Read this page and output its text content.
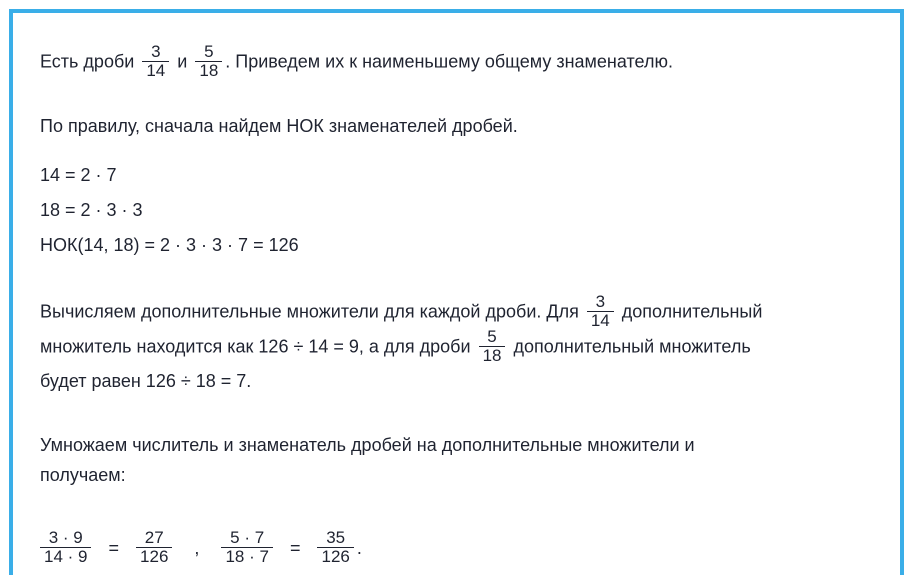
Есть дроби $\frac{3}{14}$ и $\frac{5}{18}$ . Приведем их к наименьшему общему знаменателю.
По правилу, сначала найдем НОК знаменателей дробей.
14 = 2 · 7
18 = 2 · 3 · 3
НОК(14, 18) = 2 · 3 · 3 · 7 = 126
Вычисляем дополнительные множители для каждой дроби. Для $\frac{3}{14}$ дополнительный
множитель находится как 126 ÷ 14 = 9, а для дроби $\frac{5}{18}$ дополнительный множитель
будет равен 126 ÷ 18 = 7.
Умножаем числитель и знаменатель дробей на дополнительные множители и
получаем:
$\frac{3 \cdot 9}{14 \cdot 9} = \frac{27}{126}$ , $\frac{5 \cdot 7}{18 \cdot 7} = \frac{35}{126}$ .
